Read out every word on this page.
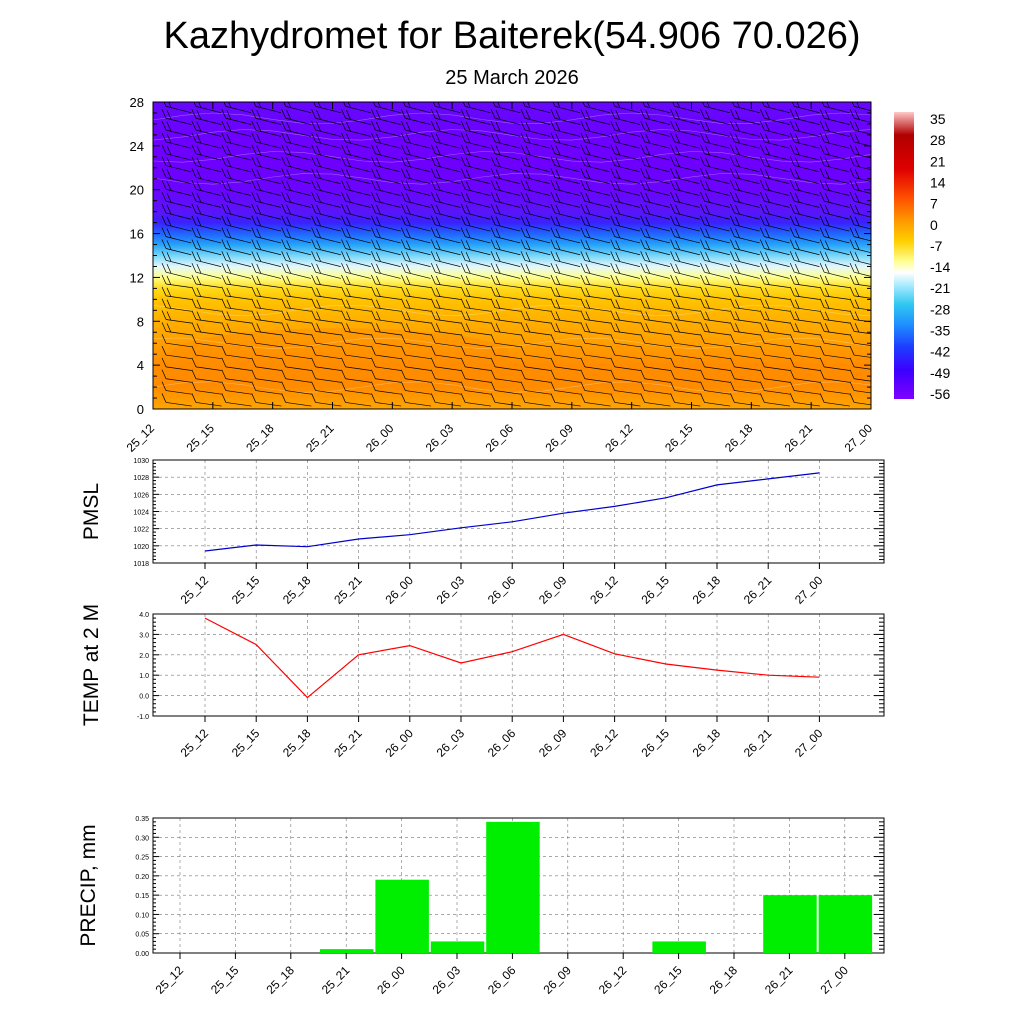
Kazhydromet for Baiterek(54.906 70.026)
25 March 2026
0
4
8
12
16
20
24
28
25_12 25_15 25_18 25_21 26_00 26_03 26_06 26_09 26_12 26_15 26_18 26_21 27_00
35
28
21
14
7
0
-7
-14
-21
-28
-35
-42
-49
-56
1018
1020
1022
1024
1026
1028
1030
25_12 25_15 25_18 25_21 26_00 26_03 26_06 26_09 26_12 26_15 26_18 26_21 27_00
PMSL
-1.0
0.0
1.0
2.0
3.0
4.0
25_12 25_15 25_18 25_21 26_00 26_03 26_06 26_09 26_12 26_15 26_18 26_21 27_00
TEMP at 2 M
0.00
0.05
0.10
0.15
0.20
0.25
0.30
0.35
25_12 25_15 25_18 25_21 26_00 26_03 26_06 26_09 26_12 26_15 26_18 26_21 27_00
PRECIP, mm
